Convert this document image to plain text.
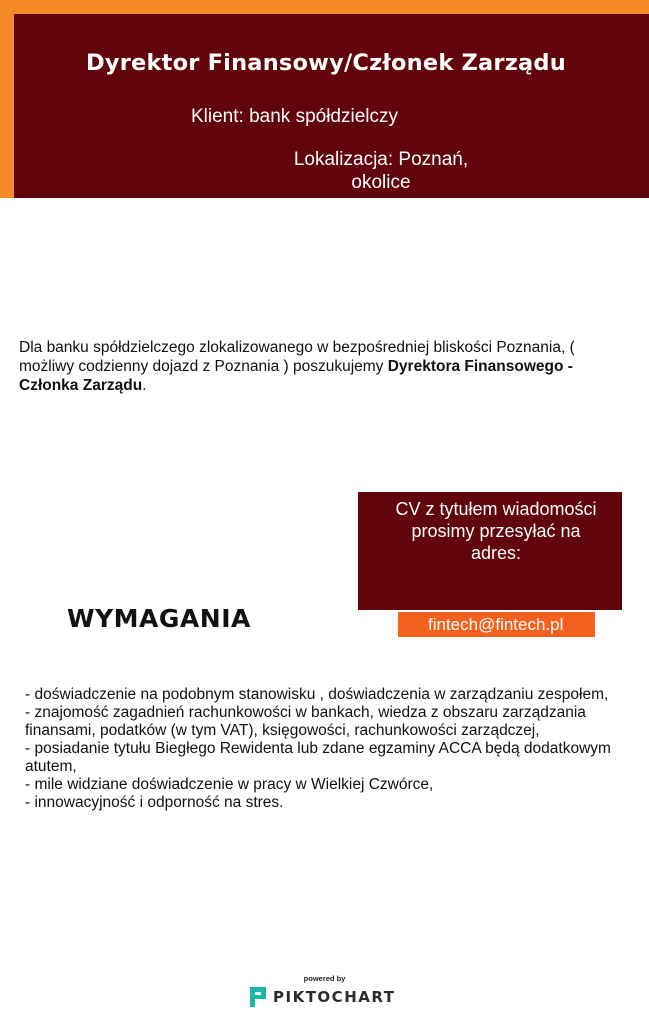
Dyrektor Finansowy/Członek Zarządu
Klient: bank spółdzielczy
Lokalizacja: Poznań,
okolice
Dla banku spółdzielczego zlokalizowanego w bezpośredniej bliskości Poznania, ( możliwy codzienny dojazd z Poznania ) poszukujemy Dyrektora Finansowego -Członka Zarządu.
CV z tytułem wiadomości prosimy przesyłać na adres:
fintech@fintech.pl
WYMAGANIA
- doświadczenie na podobnym stanowisku , doświadczenia w zarządzaniu zespołem,
- znajomość zagadnień rachunkowości w bankach, wiedza z obszaru zarządzania finansami, podatków (w tym VAT), księgowości, rachunkowości zarządczej,
- posiadanie tytułu Biegłego Rewidenta lub zdane egzaminy ACCA będą dodatkowym atutem,
- mile widziane doświadczenie w pracy w Wielkiej Czwórce,
- innowacyjność i odporność na stres.
powered by
PIKTOCHART
